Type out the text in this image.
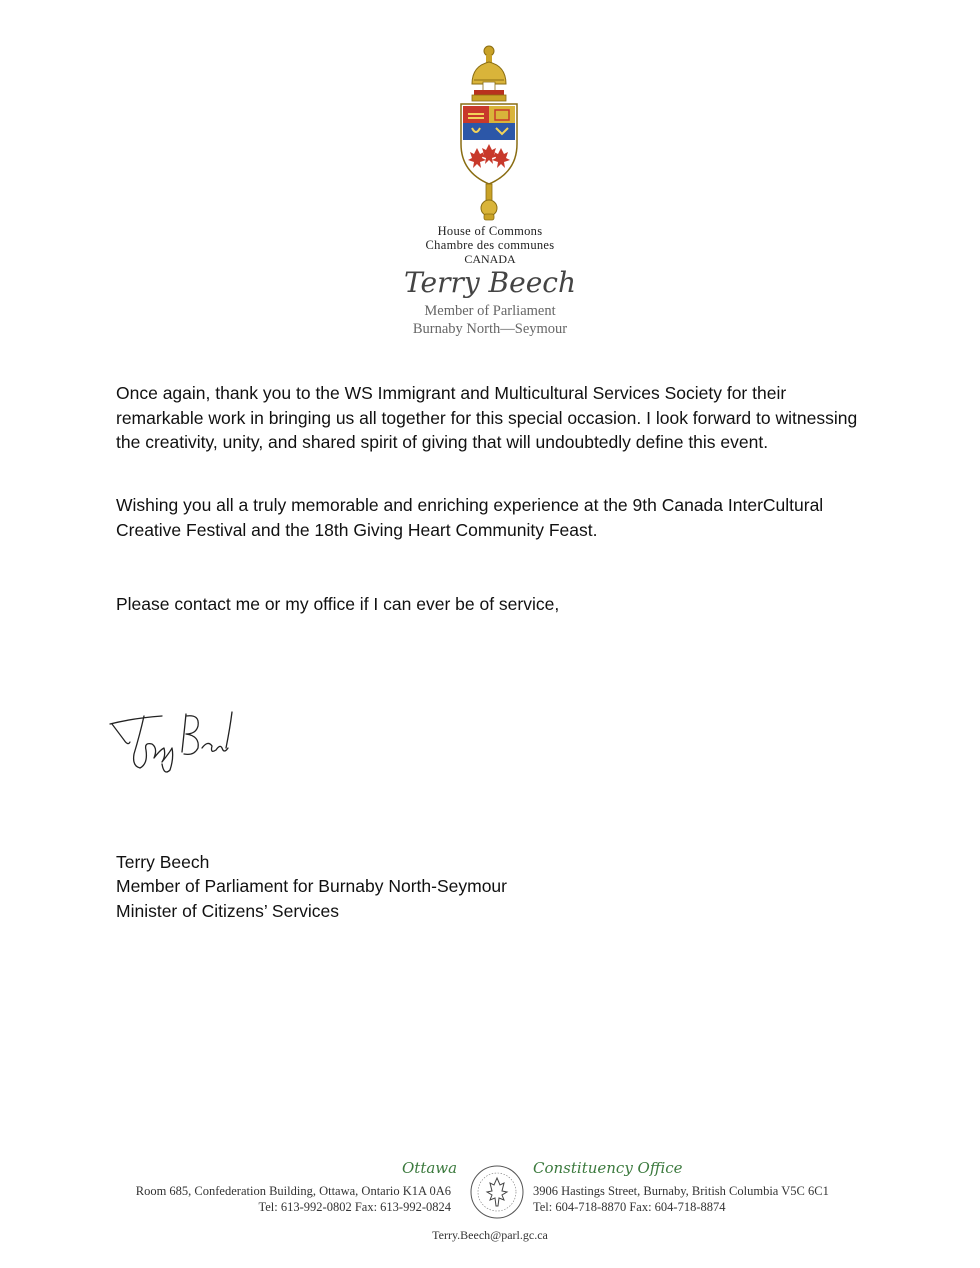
House of Commons
Chambre des communes
CANADA
Terry Beech
Member of Parliament
Burnaby North—Seymour

Once again, thank you to the WS Immigrant and Multicultural Services Society for their remarkable work in bringing us all together for this special occasion. I look forward to witnessing the creativity, unity, and shared spirit of giving that will undoubtedly define this event.

Wishing you all a truly memorable and enriching experience at the 9th Canada InterCultural Creative Festival and the 18th Giving Heart Community Feast.

Please contact me or my office if I can ever be of service,

Terry Beech
Member of Parliament for Burnaby North-Seymour
Minister of Citizens’ Services
Ottawa	Constituency Office
Room 685, Confederation Building, Ottawa, Ontario K1A 0A6
Tel: 613-992-0802 Fax: 613-992-0824
3906 Hastings Street, Burnaby, British Columbia V5C 6C1
Tel: 604-718-8870 Fax: 604-718-8874
Terry.Beech@parl.gc.ca
